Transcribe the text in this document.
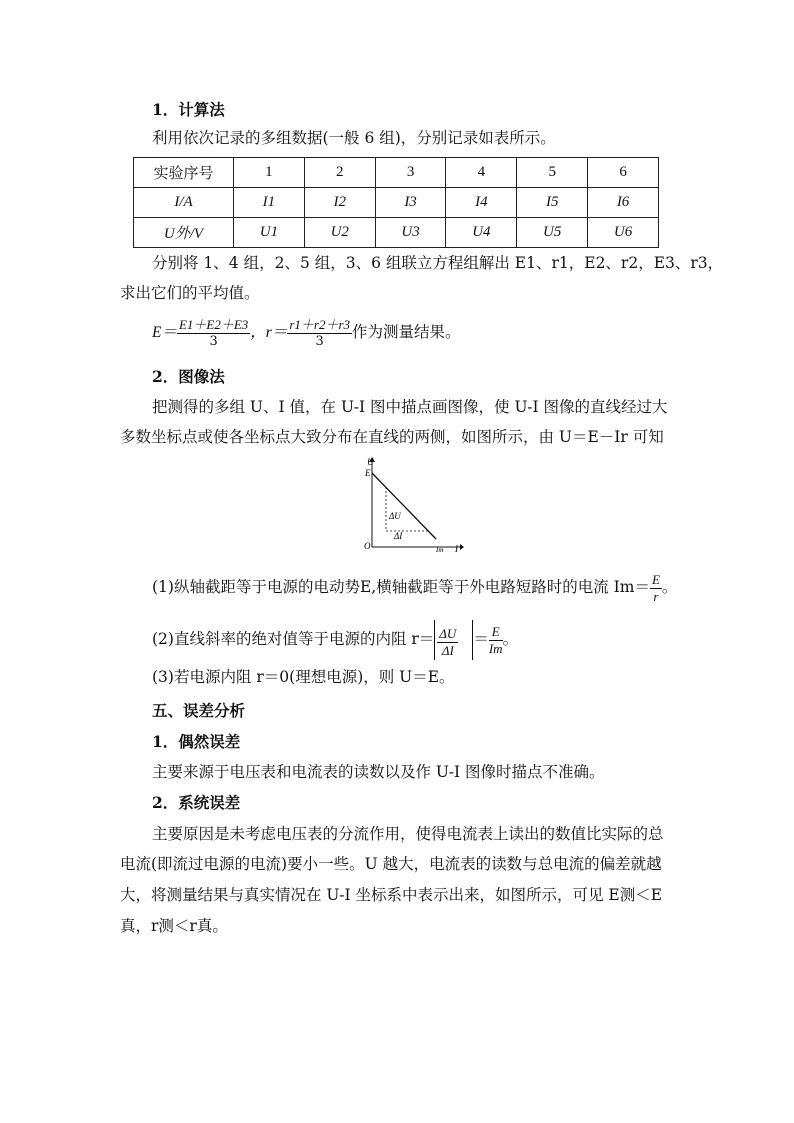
1．计算法
利用依次记录的多组数据(一般 6 组)，分别记录如表所示。
实验序号	1	2	3	4	5	6
I/A	I1	I2	I3	I4	I5	I6
U外/V	U1	U2	U3	U4	U5	U6
分别将 1、4 组，2、5 组，3、6 组联立方程组解出 E1、r1，E2、r2，E3、r3，
求出它们的平均值。
$E= \frac{E1+E2+E3}{3}$ ，$r= \frac{r1+r2+r3}{3}$ 作为测量结果。
2．图像法
把测得的多组 U、I 值，在 U-I 图中描点画图像，使 U-I 图像的直线经过大
多数坐标点或使各坐标点大致分布在直线的两侧，如图所示，由 U＝E－Ir 可知
U
E
O	I
Im
ΔU
ΔI
(1)纵轴截距等于电源的电动势E,横轴截距等于外电路短路时的电流 $Im= \frac{E}{r}$ 。
(2)直线斜率的绝对值等于电源的内阻 $r= \frac{\Delta U}{\Delta I} = \frac{E}{Im}$ 。
(3)若电源内阻 r＝0(理想电源)，则 U＝E。
五、误差分析
1．偶然误差
主要来源于电压表和电流表的读数以及作 U-I 图像时描点不准确。
2．系统误差
主要原因是未考虑电压表的分流作用，使得电流表上读出的数值比实际的总
电流(即流过电源的电流)要小一些。U 越大，电流表的读数与总电流的偏差就越
大，将测量结果与真实情况在 U-I 坐标系中表示出来，如图所示，可见 E测＜E
真，r测＜r真。
